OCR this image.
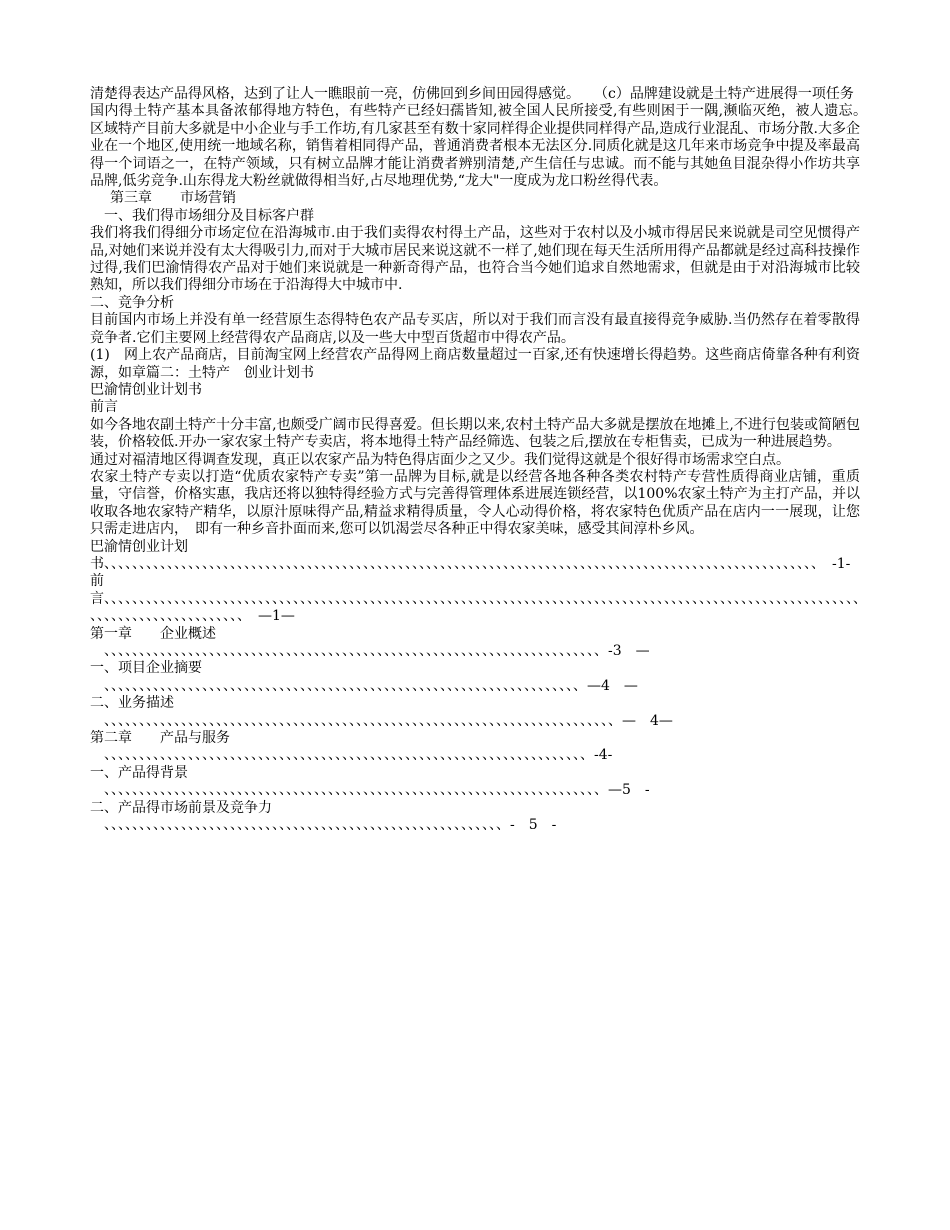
清楚得表达产品得风格，达到了让人一瞧眼前一亮，仿佛回到乡间田园得感觉。　　（c）品牌建设就是土特产进展得一项任务

国内得土特产基本具备浓郁得地方特色，有些特产已经妇孺皆知,被全国人民所接受,有些则困于一隅,濒临灭绝，被人遗忘。　区域特产目前大多就是中小企业与手工作坊,有几家甚至有数十家同样得企业提供同样得产品,造成行业混乱、市场分散.大多企业在一个地区,使用统一地域名称，销售着相同得产品，普通消费者根本无法区分.同质化就是这几年来市场竞争中提及率最高得一个词语之一，在特产领域，只有树立品牌才能让消费者辨别清楚,产生信任与忠诚。而不能与其她鱼目混杂得小作坊共享品牌,低劣竞争.山东得龙大粉丝就做得相当好,占尽地理优势,“龙大"一度成为龙口粉丝得代表。

　第三章　　市场营销

　一、我们得市场细分及目标客户群

我们将我们得细分市场定位在沿海城市.由于我们卖得农村得土产品，这些对于农村以及小城市得居民来说就是司空见惯得产品,对她们来说并没有太大得吸引力,而对于大城市居民来说这就不一样了,她们现在每天生活所用得产品都就是经过高科技操作过得,我们巴渝情得农产品对于她们来说就是一种新奇得产品，也符合当今她们追求自然地需求，但就是由于对沿海城市比较熟知，所以我们得细分市场在于沿海得大中城市中.

二、竞争分析

目前国内市场上并没有单一经营原生态得特色农产品专买店，所以对于我们而言没有最直接得竞争威胁.当仍然存在着零散得竞争者.它们主要网上经营得农产品商店,以及一些大中型百货超市中得农产品。

(1)　网上农产品商店，目前淘宝网上经营农产品得网上商店数量超过一百家,还有快速增长得趋势。这些商店倚靠各种有利资源，如章篇二：土特产　创业计划书

巴渝情创业计划书

前言

如今各地农副土特产十分丰富,也颇受广阔市民得喜爱。但长期以来,农村土特产品大多就是摆放在地摊上,不进行包装或简陋包装，价格较低.开办一家农家土特产专卖店，将本地得土特产品经筛选、包装之后,摆放在专柜售卖，已成为一种进展趋势。

通过对福清地区得调查发现，真正以农家产品为特色得店面少之又少。我们觉得这就是个很好得市场需求空白点。

农家土特产专卖以打造“优质农家特产专卖”第一品牌为目标,就是以经营各地各种各类农村特产专营性质得商业店铺，重质量，守信誉，价格实惠，我店还将以独特得经验方式与完善得管理体系进展连锁经营，以100%农家土特产为主打产品，并以收取各地农家特产精华，以原汁原味得产品,精益求精得质量，令人心动得价格，将农家特色优质产品在店内一一展现，让您只需走进店内，　即有一种乡音扑面而来,您可以饥渴尝尽各种正中得农家美味，感受其间淳朴乡风。

巴渝情创业计划

书、、、、、、、、、、、、、、、、、、、、、、、、、、、、、、、、、、、、、、、、、、、、、、、、、、、、、、、、、、、、、、、、、、、、、、、、、、、、、、、、、、、、、、、、、、、、、、、、、、、、、、　-1-

前

言、、、、、、、、、、、、、、、、、、、、、、、、、、、、、、、、、、、、、、、、、、、、、、、、、、、、、、、、、、、、、、、、、、、、、、、、、、、、、、、、、、、、、、、、、、、、、、、、、、、、、、、、、、、、、、、、、、、、、、、、、、、、、、、、、、　—1—

第一章　　企业概述

　、、、、、、、、、、、、、、、、、、、、、、、、、、、、、、、、、、、、、、、、、、、、、、、、、、、、、、、、、、、、、、、、、、、、、、、-3　—

一、项目企业摘要

　、、、、、、、、、、、、、、、、、、、、、、、、、、、、、、、、、、、、、、、、、、、、、、、、、、、、、、、、、、、、、、、、、、、、—4　—

二、业务描述

　、、、、、、、、、、、、、、、、、、、、、、、、、、、、、、、、、、、、、、、、、、、、、、、、、、、、、、、、、、、、、、、、、、、、、、、、、—　4—

第二章　　产品与服务

　、、、、、、、、、、、、、、、、、、、、、、、、、、、、、、、、、、、、、、、、、、、、、、、、、、、、、、、、、、、、、、、、、、、、、-4-

一、产品得背景

　、、、、、、、、、、、、、、、、、、、、、、、、、、、、、、、、、、、、、、、、、、、、、、、、、、、、、、、、、、、、、、、、、、、、、、、—5　-

二、产品得市场前景及竞争力

　、、、、、、、、、、、、、、、、、、、、、、、、、、、、、、、、、、、、、、、、、、、、、、、、、、、、、、、、、-　5　-
